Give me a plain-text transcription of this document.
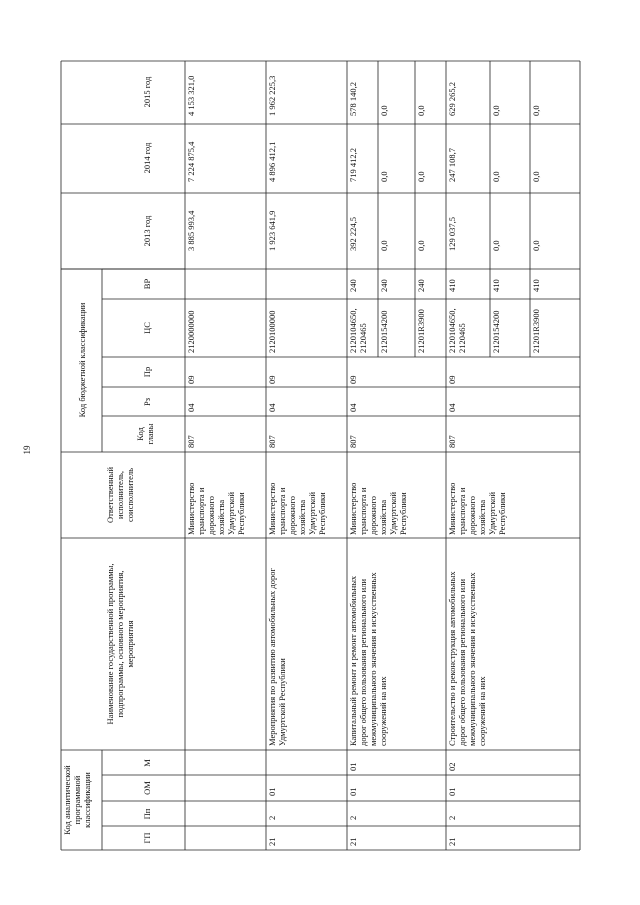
19
Код аналитическойпрограммнойклассификации
ГП
Пп
ОМ
М
Наименование государственной программы,подпрограммы, основного мероприятия,мероприятия
Ответственныйисполнитель,соисполнитель
Код бюджетной классификации
Кодглавы
Рз
Пр
ЦС
ВР
2013 год
2014 год
2015 год
Министерствотранспорта идорожногохозяйстваУдмуртскойРеспублики
807
04
09
2120000000
3 885 993,4
7 224 875,4
4 153 321,0
21
2
01
Мероприятия по развитию автомобильных дорогУдмуртской Республики
Министерствотранспорта идорожногохозяйстваУдмуртскойРеспублики
807
04
09
2120100000
1 923 641,9
4 896 412,1
1 962 225,3
21
2
01
01
Капитальный ремонт и ремонт автомобильныхдорог общего пользования регионального илимежмуниципального значения и искусственныхсооружений на них
Министерствотранспорта идорожногохозяйстваУдмуртскойРеспублики
807
04
09
2120104650,2120465
240
392 224,5
719 412,2
578 140,2
2120154200
240
0,0
0,0
0,0
21201R3900
240
0,0
0,0
0,0
21
2
01
02
Строительство и реконструкция автомобильныхдорог общего пользования регионального илимежмуниципального значения и искусственныхсооружений на них
Министерствотранспорта идорожногохозяйстваУдмуртскойРеспублики
807
04
09
2120104650,2120465
410
129 037,5
247 108,7
629 265,2
2120154200
410
0,0
0,0
0,0
21201R3900
410
0,0
0,0
0,0
